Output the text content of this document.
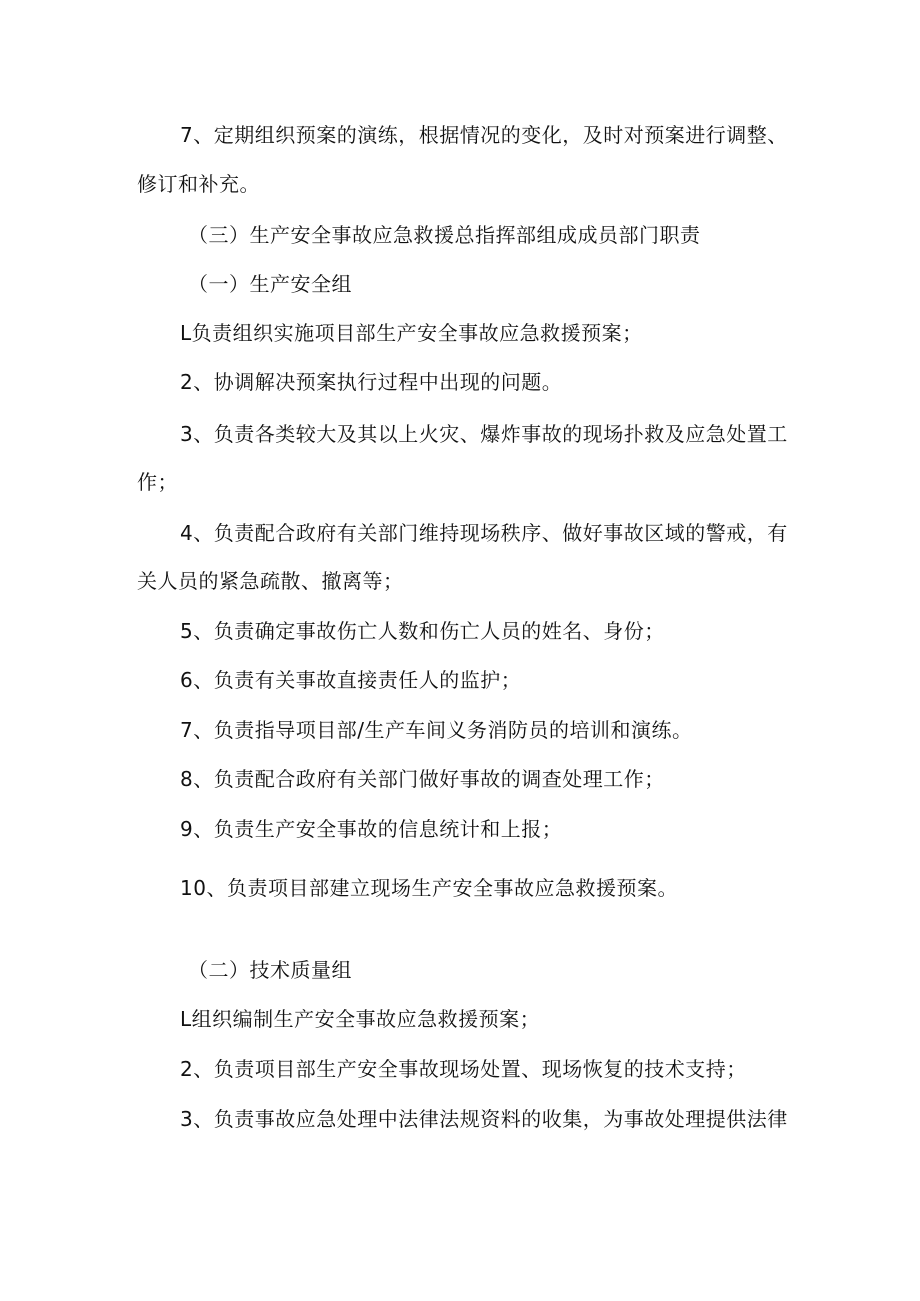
7、定期组织预案的演练，根据情况的变化，及时对预案进行调整、
修订和补充。
（三）生产安全事故应急救援总指挥部组成成员部门职责
（一）生产安全组
L负责组织实施项目部生产安全事故应急救援预案；
2、协调解决预案执行过程中出现的问题。
3、负责各类较大及其以上火灾、爆炸事故的现场扑救及应急处置工
作；
4、负责配合政府有关部门维持现场秩序、做好事故区域的警戒，有
关人员的紧急疏散、撤离等；
5、负责确定事故伤亡人数和伤亡人员的姓名、身份；
6、负责有关事故直接责任人的监护；
7、负责指导项目部/生产车间义务消防员的培训和演练。
8、负责配合政府有关部门做好事故的调查处理工作；
9、负责生产安全事故的信息统计和上报；
10、负责项目部建立现场生产安全事故应急救援预案。
（二）技术质量组
L组织编制生产安全事故应急救援预案；
2、负责项目部生产安全事故现场处置、现场恢复的技术支持；
3、负责事故应急处理中法律法规资料的收集，为事故处理提供法律
